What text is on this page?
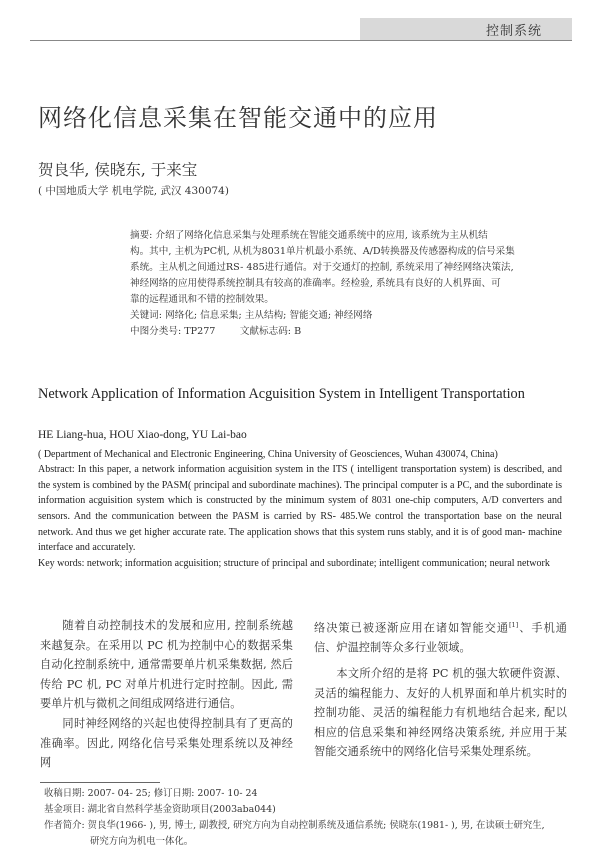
控制系统
网络化信息采集在智能交通中的应用
贺良华, 侯晓东, 于来宝
( 中国地质大学 机电学院, 武汉 430074)

摘要: 介绍了网络化信息采集与处理系统在智能交通系统中的应用, 该系统为主从机结

构。其中, 主机为PC机, 从机为8031单片机最小系统、A/D转换器及传感器构成的信号采集

系统。主从机之间通过RS- 485进行通信。对于交通灯的控制, 系统采用了神经网络决策法,

神经网络的应用使得系统控制具有较高的准确率。经检验, 系统具有良好的人机界面、可

靠的远程通讯和不错的控制效果。

关键词: 网络化; 信息采集; 主从结构; 智能交通; 神经网络

中图分类号: TP277        文献标志码: B

Network Application of Information Acguisition System in Intelligent Transportation

HE Liang-hua, HOU Xiao-dong, YU Lai-bao

( Department of Mechanical and Electronic Engineering, China University of Geosciences, Wuhan 430074, China)

Abstract: In this paper, a network information acguisition system in the ITS ( intelligent transportation system) is described, and the system is combined by the PASM( principal and subordinate machines). The principal computer is a PC, and the subordinate is information acguisition system which is constructed by the minimum system of 8031 one-chip computers, A/D converters and sensors. And the communication between the PASM is carried by RS- 485.We control the transportation base on the neural network. And thus we get higher accurate rate. The application shows that this system runs stably, and it is of good man- machine interface and accurately.

Key words: network; information acguisition; structure of principal and subordinate; intelligent communication; neural network

随着自动控制技术的发展和应用, 控制系统越来越复杂。在采用以 PC 机为控制中心的数据采集自动化控制系统中, 通常需要单片机采集数据, 然后传给 PC 机, PC 对单片机进行定时控制。因此, 需要单片机与微机之间组成网络进行通信。

同时神经网络的兴起也使得控制具有了更高的准确率。因此, 网络化信号采集处理系统以及神经网

络决策已被逐渐应用在诸如智能交通[1]、手机通信、炉温控制等众多行业领域。

本文所介绍的是将 PC 机的强大软硬件资源、灵活的编程能力、友好的人机界面和单片机实时的控制功能、灵活的编程能力有机地结合起来, 配以相应的信息采集和神经网络决策系统, 并应用于某智能交通系统中的网络化信号采集处理系统。

收稿日期: 2007- 04- 25; 修订日期: 2007- 10- 24

基金项目: 湖北省自然科学基金资助项目(2003aba044)

作者简介: 贺良华(1966- ), 男, 博士, 副教授, 研究方向为自动控制系统及通信系统; 侯晓东(1981- ), 男, 在读硕士研究生,

研究方向为机电一体化。
